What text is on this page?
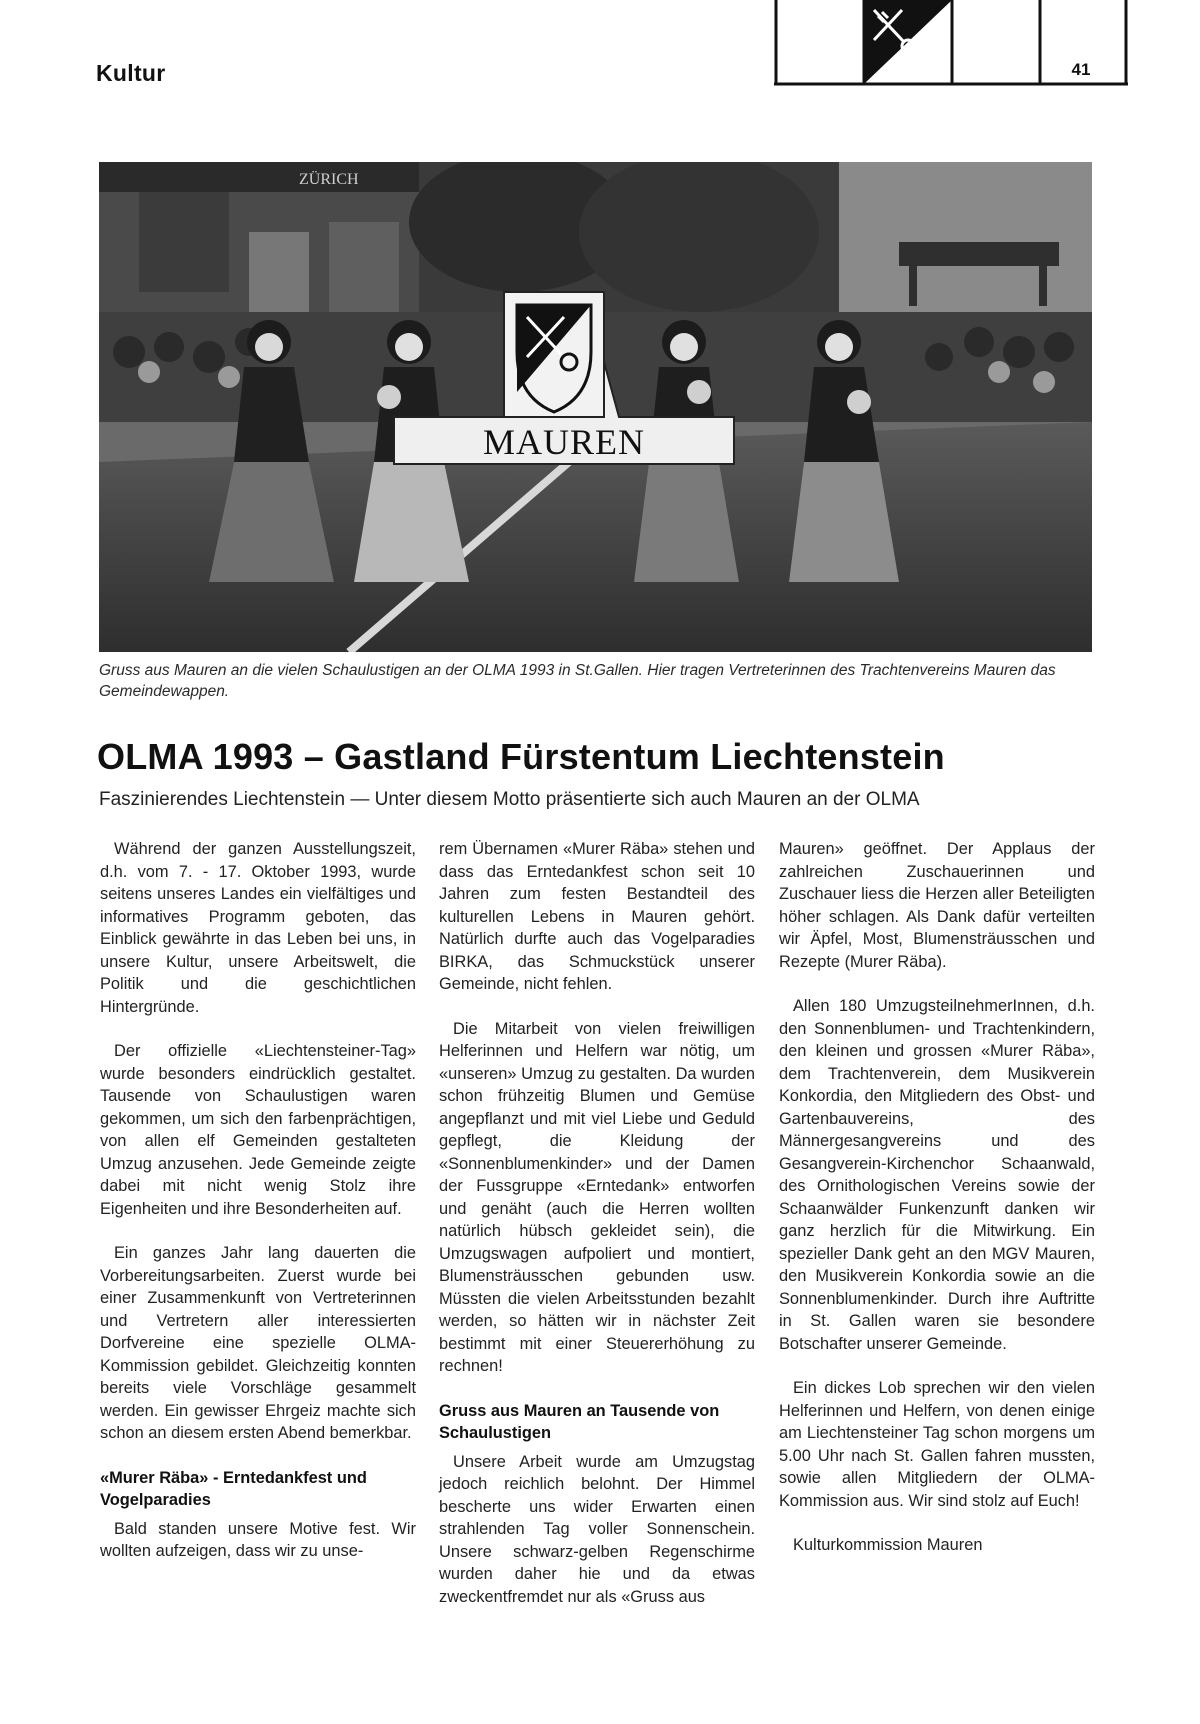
Kultur	41
ZÜRICH
MAUREN
Gruss aus Mauren an die vielen Schaulustigen an der OLMA 1993 in St.Gallen. Hier tragen Vertreterinnen des Trachtenvereins Mauren das Gemeindewappen.
OLMA 1993 – Gastland Fürstentum Liechtenstein
Faszinierendes Liechtenstein — Unter diesem Motto präsentierte sich auch Mauren an der OLMA

Während der ganzen Ausstellungszeit, d.h. vom 7. - 17. Oktober 1993, wurde seitens unseres Landes ein vielfältiges und informatives Programm geboten, das Einblick gewährte in das Leben bei uns, in unsere Kultur, unsere Arbeitswelt, die Politik und die geschichtlichen Hintergründe.

Der offizielle «Liechtensteiner-Tag» wurde besonders eindrücklich gestaltet. Tausende von Schaulustigen waren gekommen, um sich den farbenprächtigen, von allen elf Gemeinden gestalteten Umzug anzusehen. Jede Gemeinde zeigte dabei mit nicht wenig Stolz ihre Eigenheiten und ihre Besonderheiten auf.

Ein ganzes Jahr lang dauerten die Vorbereitungsarbeiten. Zuerst wurde bei einer Zusammenkunft von Vertreterinnen und Vertretern aller interessierten Dorfvereine eine spezielle OLMA-Kommission gebildet. Gleichzeitig konnten bereits viele Vorschläge gesammelt werden. Ein gewisser Ehrgeiz machte sich schon an diesem ersten Abend bemerkbar.

«Murer Räba» - Erntedankfest und Vogelparadies

Bald standen unsere Motive fest. Wir wollten aufzeigen, dass wir zu unse-

rem Übernamen «Murer Räba» stehen und dass das Erntedankfest schon seit 10 Jahren zum festen Bestandteil des kulturellen Lebens in Mauren gehört. Natürlich durfte auch das Vogelparadies BIRKA, das Schmuckstück unserer Gemeinde, nicht fehlen.

Die Mitarbeit von vielen freiwilligen Helferinnen und Helfern war nötig, um «unseren» Umzug zu gestalten. Da wurden schon frühzeitig Blumen und Gemüse angepflanzt und mit viel Liebe und Geduld gepflegt, die Kleidung der «Sonnenblumenkinder» und der Damen der Fussgruppe «Erntedank» entworfen und genäht (auch die Herren wollten natürlich hübsch gekleidet sein), die Umzugswagen aufpoliert und montiert, Blumensträusschen gebunden usw. Müssten die vielen Arbeitsstunden bezahlt werden, so hätten wir in nächster Zeit bestimmt mit einer Steuererhöhung zu rechnen!

Gruss aus Mauren an Tausende von Schaulustigen

Unsere Arbeit wurde am Umzugstag jedoch reichlich belohnt. Der Himmel bescherte uns wider Erwarten einen strahlenden Tag voller Sonnenschein. Unsere schwarz-gelben Regenschirme wurden daher hie und da etwas zweckentfremdet nur als «Gruss aus

Mauren» geöffnet. Der Applaus der zahlreichen Zuschauerinnen und Zuschauer liess die Herzen aller Beteiligten höher schlagen. Als Dank dafür verteilten wir Äpfel, Most, Blumensträusschen und Rezepte (Murer Räba).

Allen 180 UmzugsteilnehmerInnen, d.h. den Sonnenblumen- und Trachtenkindern, den kleinen und grossen «Murer Räba», dem Trachtenverein, dem Musikverein Konkordia, den Mitgliedern des Obst- und Gartenbauvereins, des Männergesangvereins und des Gesangverein-Kirchenchor Schaanwald, des Ornithologischen Vereins sowie der Schaanwälder Funkenzunft danken wir ganz herzlich für die Mitwirkung. Ein spezieller Dank geht an den MGV Mauren, den Musikverein Konkordia sowie an die Sonnenblumenkinder. Durch ihre Auftritte in St. Gallen waren sie besondere Botschafter unserer Gemeinde.

Ein dickes Lob sprechen wir den vielen Helferinnen und Helfern, von denen einige am Liechtensteiner Tag schon morgens um 5.00 Uhr nach St. Gallen fahren mussten, sowie allen Mitgliedern der OLMA-Kommission aus. Wir sind stolz auf Euch!

Kulturkommission Mauren
